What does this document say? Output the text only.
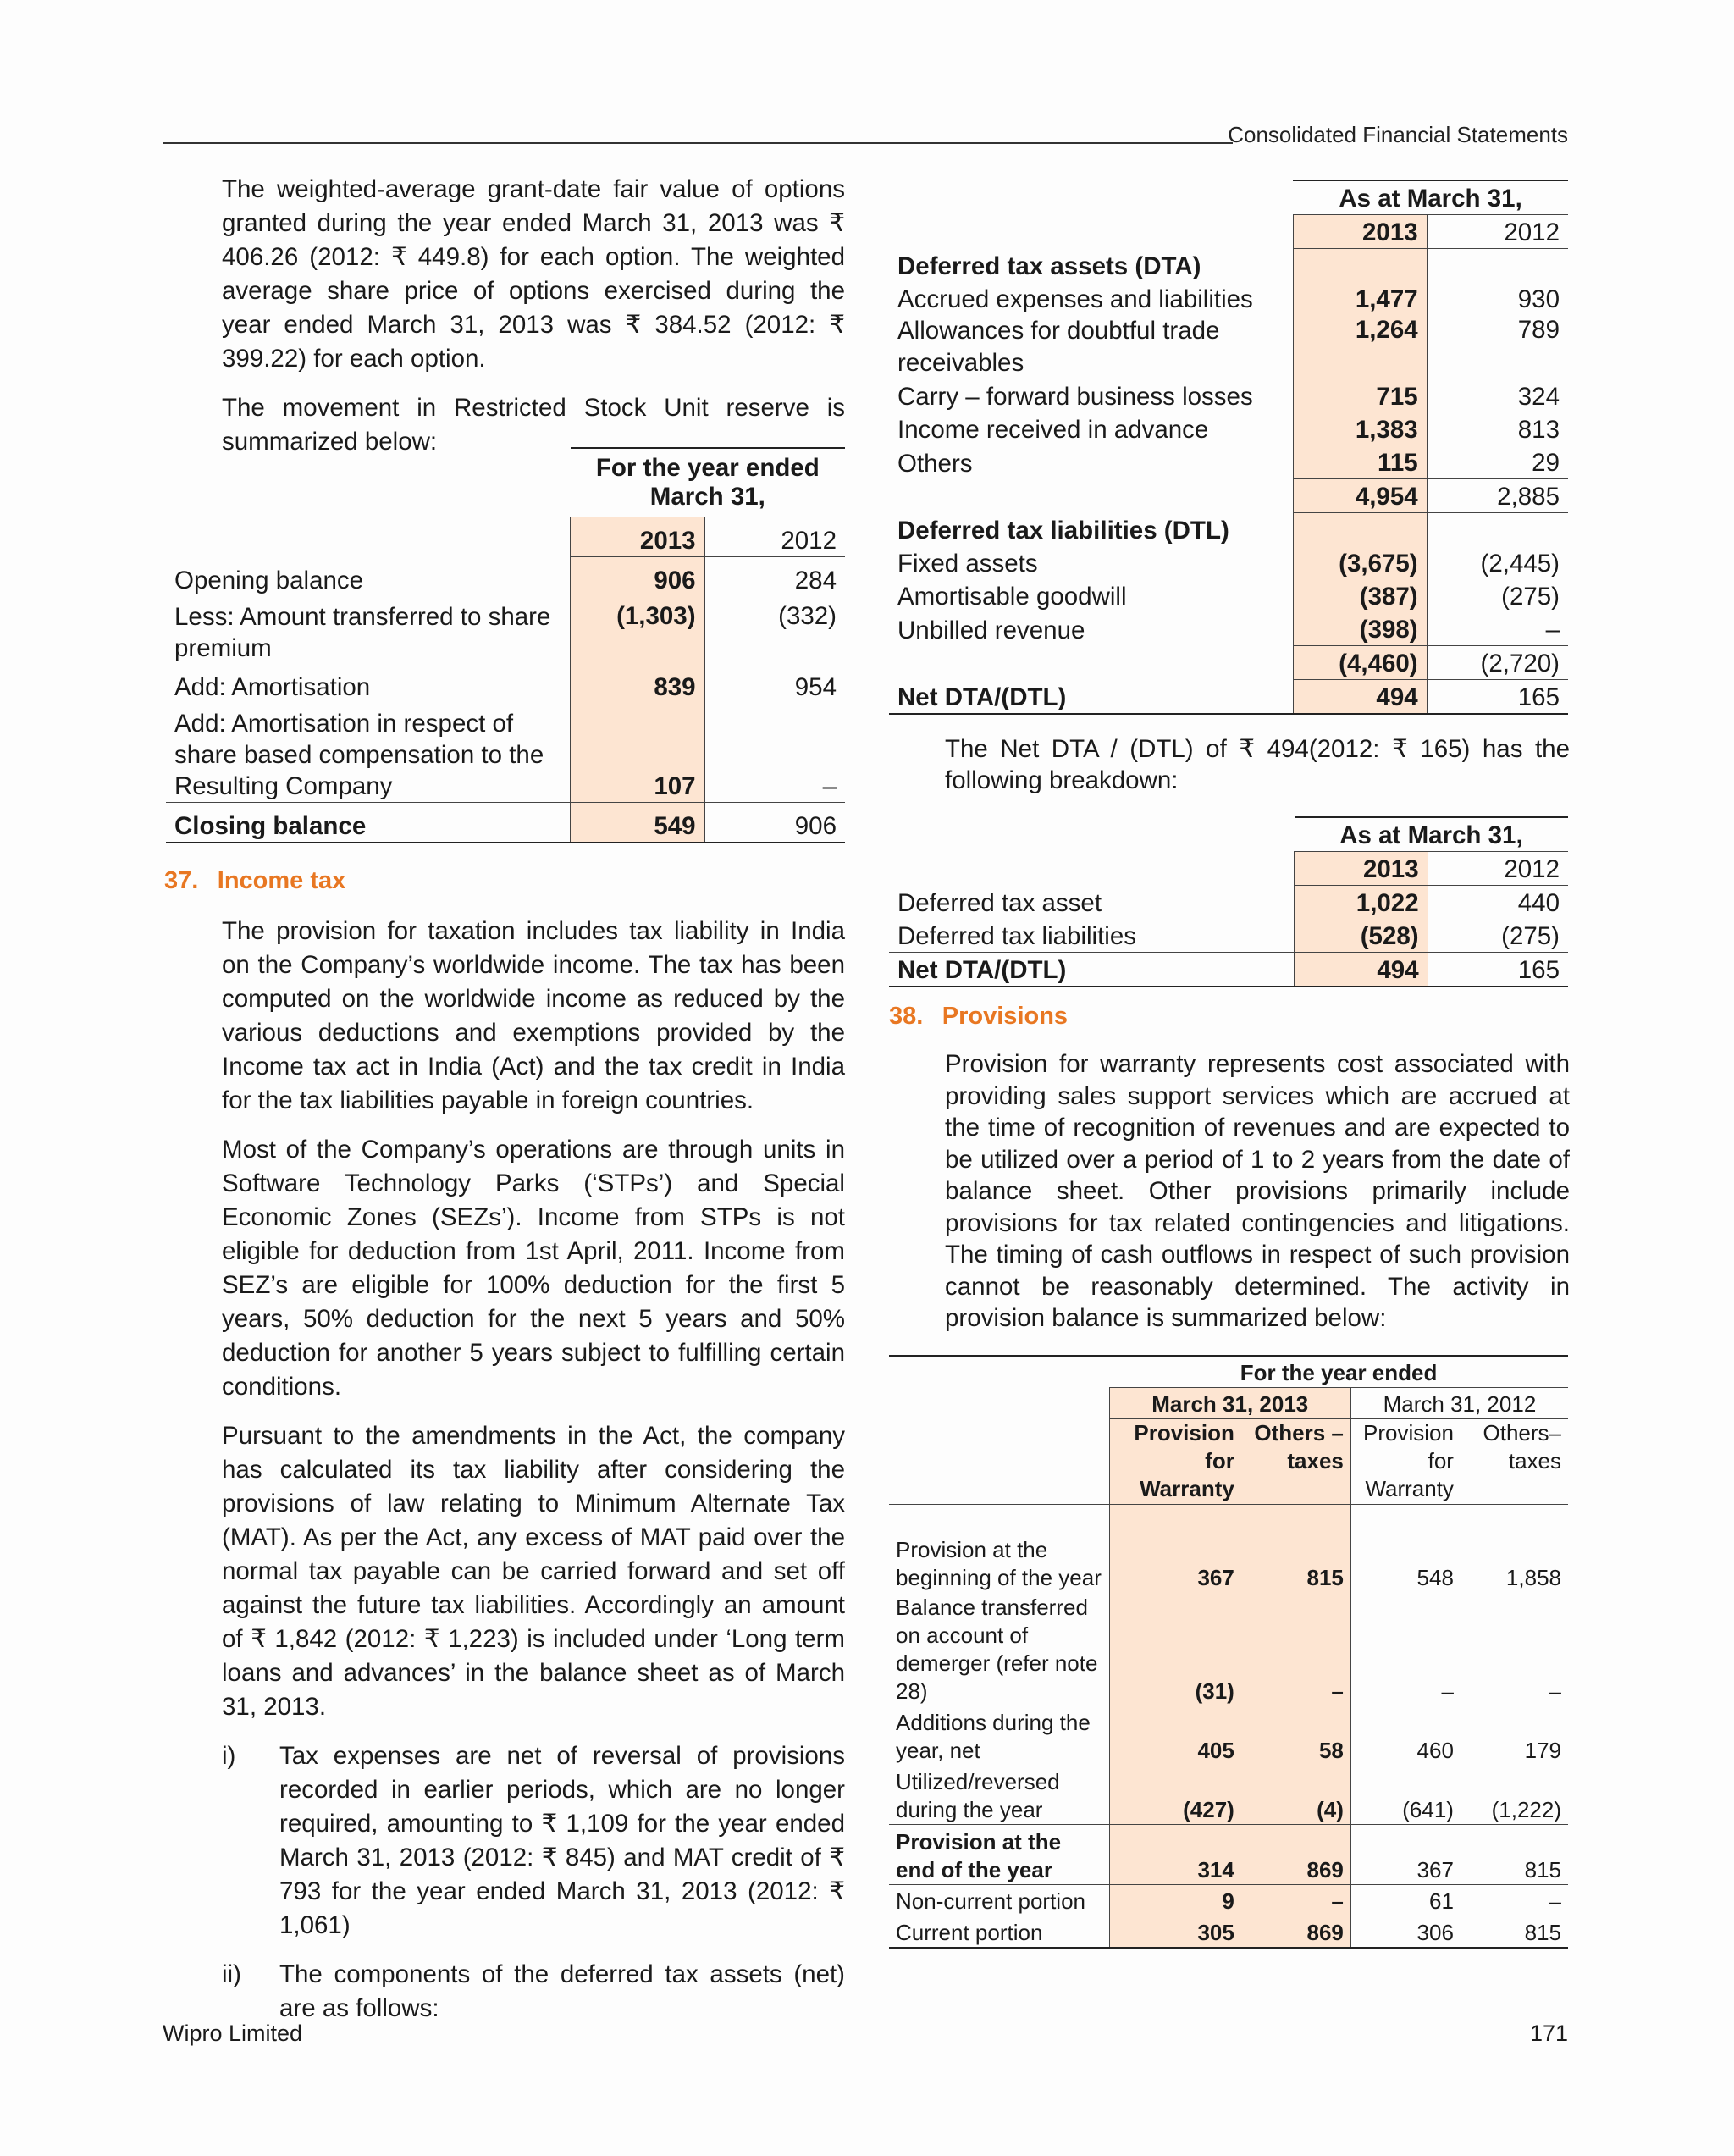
Consolidated Financial Statements

The weighted-average grant-date fair value of options granted during the year ended March 31, 2013 was ₹ 406.26 (2012: ₹ 449.8) for each option. The weighted average share price of options exercised during the year ended March 31, 2013 was ₹ 384.52 (2012: ₹ 399.22) for each option.

The movement in Restricted Stock Unit reserve is summarized below:

	For the year ended March 31,	
	2013	2012
Opening balance	906	284
Less: Amount transferred to share premium	(1,303)	(332)
Add: Amortisation	839	954
Add: Amortisation in respect of share based compensation to the Resulting Company	107	–
Closing balance	549	906
37. Income tax

The provision for taxation includes tax liability in India on the Company’s worldwide income. The tax has been computed on the worldwide income as reduced by the various deductions and exemptions provided by the Income tax act in India (Act) and the tax credit in India for the tax liabilities payable in foreign countries.

Most of the Company’s operations are through units in Software Technology Parks (‘STPs’) and Special Economic Zones (SEZs’). Income from STPs is not eligible for deduction from 1st April, 2011. Income from SEZ’s are eligible for 100% deduction for the first 5 years, 50% deduction for the next 5 years and 50% deduction for another 5 years subject to fulfilling certain conditions.

Pursuant to the amendments in the Act, the company has calculated its tax liability after considering the provisions of law relating to Minimum Alternate Tax (MAT). As per the Act, any excess of MAT paid over the normal tax payable can be carried forward and set off against the future tax liabilities. Accordingly an amount of ₹ 1,842 (2012: ₹ 1,223) is included under ‘Long term loans and advances’ in the balance sheet as of March 31, 2013.

i)	Tax expenses are net of reversal of provisions recorded in earlier periods, which are no longer required, amounting to ₹ 1,109 for the year ended March 31, 2013 (2012: ₹ 845) and MAT credit of ₹ 793 for the year ended March 31, 2013 (2012: ₹ 1,061)

ii)	The components of the deferred tax assets (net) are as follows:

	As at March 31,	
	2013	2012
Deferred tax assets (DTA)		
Accrued expenses and liabilities	1,477	930
Allowances for doubtful trade receivables	1,264	789
Carry – forward business losses	715	324
Income received in advance	1,383	813
Others	115	29
	4,954	2,885
Deferred tax liabilities (DTL)		
Fixed assets	(3,675)	(2,445)
Amortisable goodwill	(387)	(275)
Unbilled revenue	(398)	–
	(4,460)	(2,720)
Net DTA/(DTL)	494	165

The Net DTA / (DTL) of ₹ 494(2012: ₹ 165) has the following breakdown:

	As at March 31,	
	2013	2012
Deferred tax asset	1,022	440
Deferred tax liabilities	(528)	(275)
Net DTA/(DTL)	494	165
38. Provisions

Provision for warranty represents cost associated with providing sales support services which are accrued at the time of recognition of revenues and are expected to be utilized over a period of 1 to 2 years from the date of balance sheet. Other provisions primarily include provisions for tax related contingencies and litigations. The timing of cash outflows in respect of such provision cannot be reasonably determined. The activity in provision balance is summarized below:

	For the year ended			
	March 31, 2013		March 31, 2012	
	Provision for Warranty	Others – taxes	Provision for Warranty	Others– taxes
Provision at the beginning of the year	367	815	548	1,858
Balance transferred on account of demerger (refer note 28)	(31)	–	–	–
Additions during the year, net	405	58	460	179
Utilized/reversed during the year	(427)	(4)	(641)	(1,222)
Provision at the end of the year	314	869	367	815
Non-current portion	9	–	61	–
Current portion	305	869	306	815
Wipro Limited	171
